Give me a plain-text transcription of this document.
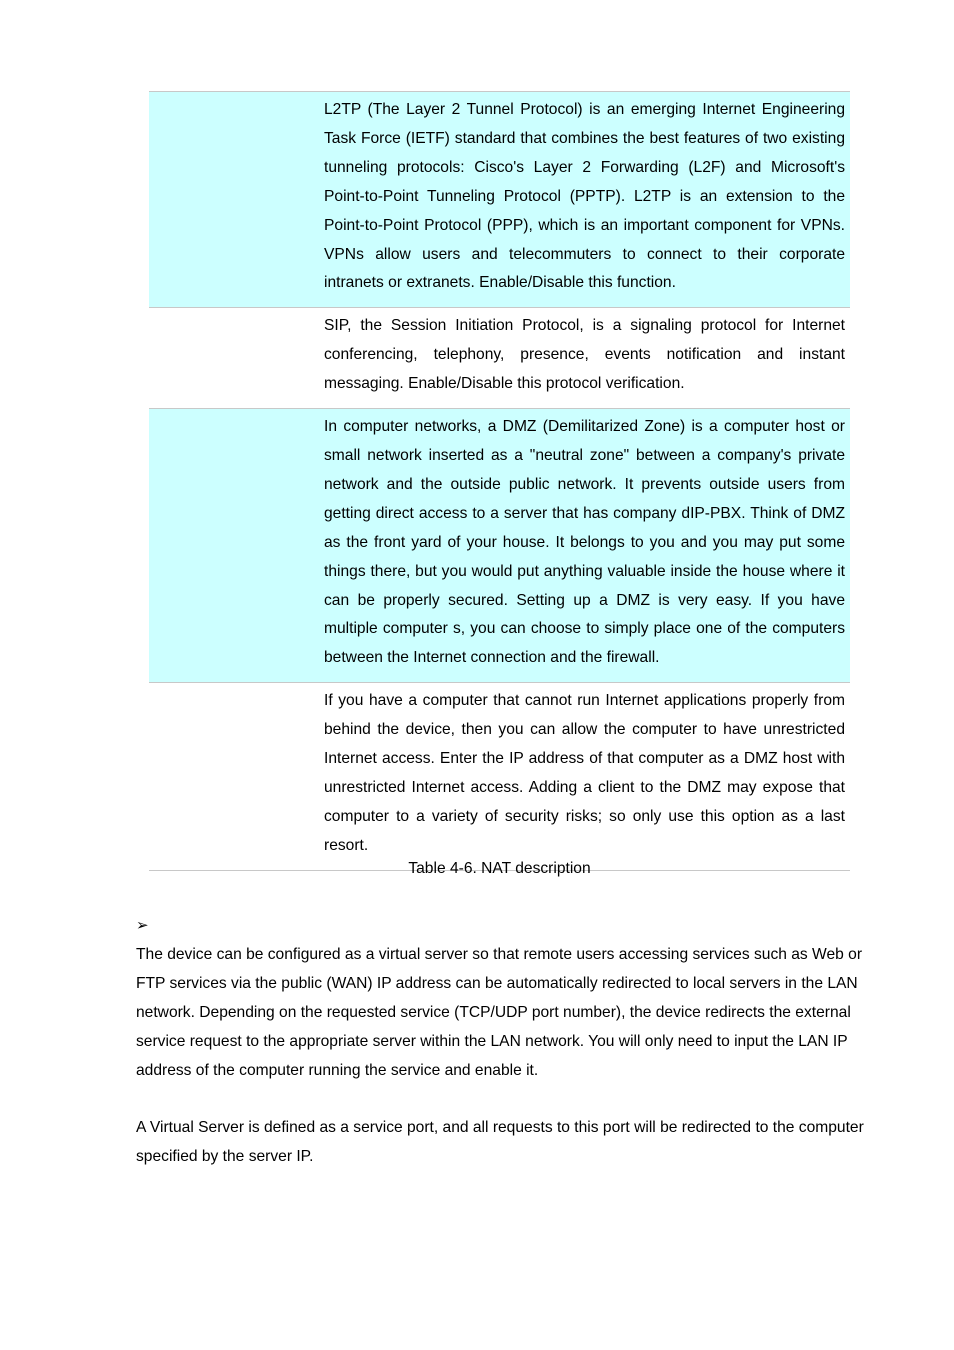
L2TP (The Layer 2 Tunnel Protocol) is an emerging Internet Engineering Task Force (IETF) standard that combines the best features of two existing tunneling protocols: Cisco's Layer 2 Forwarding (L2F) and Microsoft's Point-to-Point Tunneling Protocol (PPTP). L2TP is an extension to the Point-to-Point Protocol (PPP), which is an important component for VPNs. VPNs allow users and telecommuters to connect to their corporate intranets or extranets. Enable/Disable this function.
SIP, the Session Initiation Protocol, is a signaling protocol for Internet conferencing, telephony, presence, events notification and instant messaging. Enable/Disable this protocol verification.
In computer networks, a DMZ (Demilitarized Zone) is a computer host or small network inserted as a "neutral zone" between a company's private network and the outside public network. It prevents outside users from getting direct access to a server that has company dIP-PBX. Think of DMZ as the front yard of your house. It belongs to you and you may put some things there, but you would put anything valuable inside the house where it can be properly secured. Setting up a DMZ is very easy. If you have multiple computer s, you can choose to simply place one of the computers between the Internet connection and the firewall.
If you have a computer that cannot run Internet applications properly from behind the device, then you can allow the computer to have unrestricted Internet access. Enter the IP address of that computer as a DMZ host with unrestricted Internet access. Adding a client to the DMZ may expose that computer to a variety of security risks; so only use this option as a last resort.
Table 4-6. NAT description
➢
The device can be configured as a virtual server so that remote users accessing services such as Web or FTP services via the public (WAN) IP address can be automatically redirected to local servers in the LAN network. Depending on the requested service (TCP/UDP port number), the device redirects the external service request to the appropriate server within the LAN network. You will only need to input the LAN IP address of the computer running the service and enable it.
A Virtual Server is defined as a service port, and all requests to this port will be redirected to the computer specified by the server IP.
